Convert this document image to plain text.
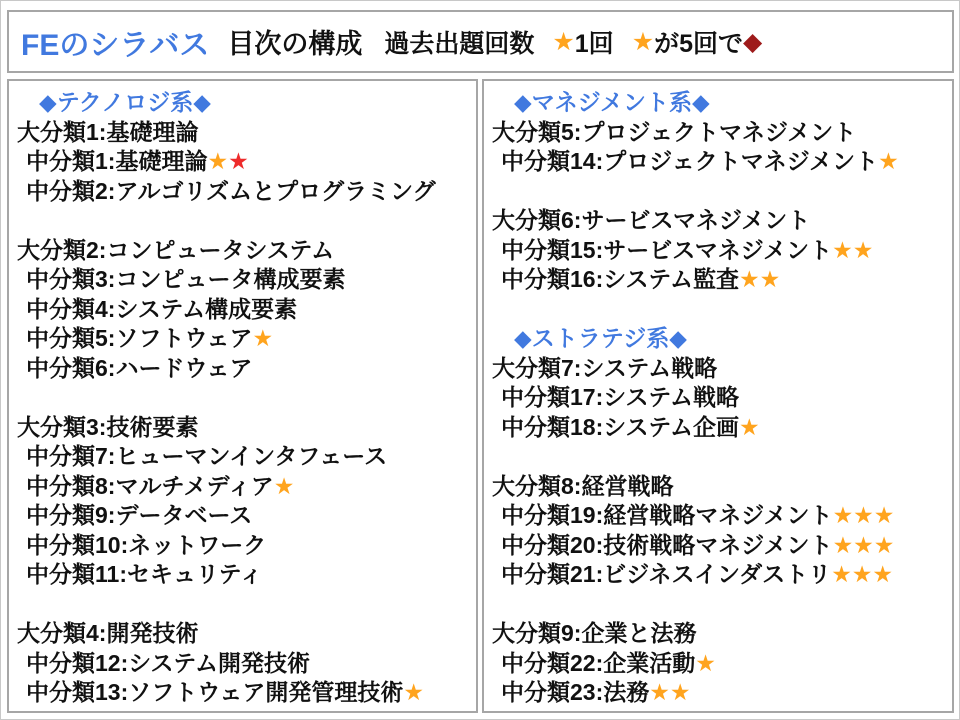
FEのシラバス 目次の構成 過去出題回数 ★ 1回 ★ が5回で ◆
◆テクノロジ系◆
大分類1:基礎理論
中分類1:基礎理論★★
中分類2:アルゴリズムとプログラミング
大分類2:コンピュータシステム
中分類3:コンピュータ構成要素
中分類4:システム構成要素
中分類5:ソフトウェア★
中分類6:ハードウェア
大分類3:技術要素
中分類7:ヒューマンインタフェース
中分類8:マルチメディア★
中分類9:データベース
中分類10:ネットワーク
中分類11:セキュリティ
大分類4:開発技術
中分類12:システム開発技術
中分類13:ソフトウェア開発管理技術★
◆マネジメント系◆
大分類5:プロジェクトマネジメント
中分類14:プロジェクトマネジメント★
大分類6:サービスマネジメント
中分類15:サービスマネジメント★★
中分類16:システム監査★★
◆ストラテジ系◆
大分類7:システム戦略
中分類17:システム戦略
中分類18:システム企画★
大分類8:経営戦略
中分類19:経営戦略マネジメント★★★
中分類20:技術戦略マネジメント★★★
中分類21:ビジネスインダストリ★★★
大分類9:企業と法務
中分類22:企業活動★
中分類23:法務★★
